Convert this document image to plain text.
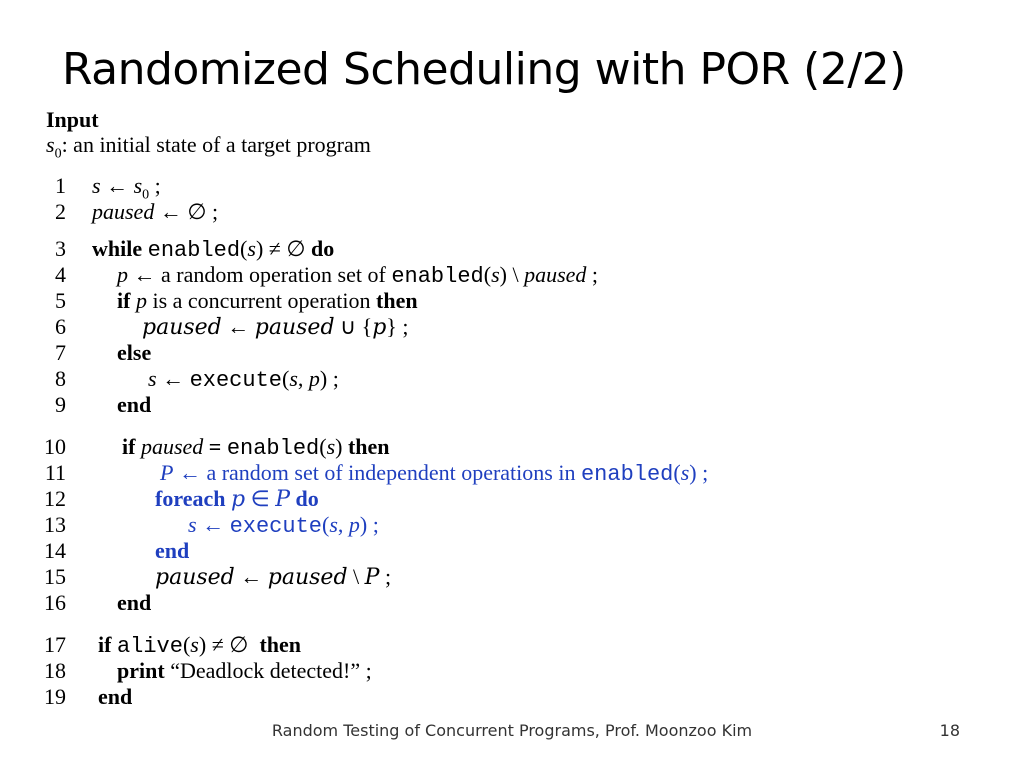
Randomized Scheduling with POR (2/2)
Input
$s_0$: an initial state of a target program
1 s ← $s_0$ ;
2 paused ← ∅ ;
3 while enabled(s) ≠ ∅ do
4 p ← a random operation set of enabled(s) \ paused ;
5 if p is a concurrent operation then
6	paused ← paused ∪ {p} ;
7 else
8	s ← execute(s, p) ;
9 end
10	if paused = enabled(s) then
11	P ← a random set of independent operations in enabled(s) ;
12	foreach p ∈ P do
13	s ← execute(s, p) ;
14	end
15	paused ← paused \ P ;
16 end
17 if alive(s) ≠ ∅ then
18 print “Deadlock detected!” ;
19 end
Random Testing of Concurrent Programs, Prof. Moonzoo Kim	18
